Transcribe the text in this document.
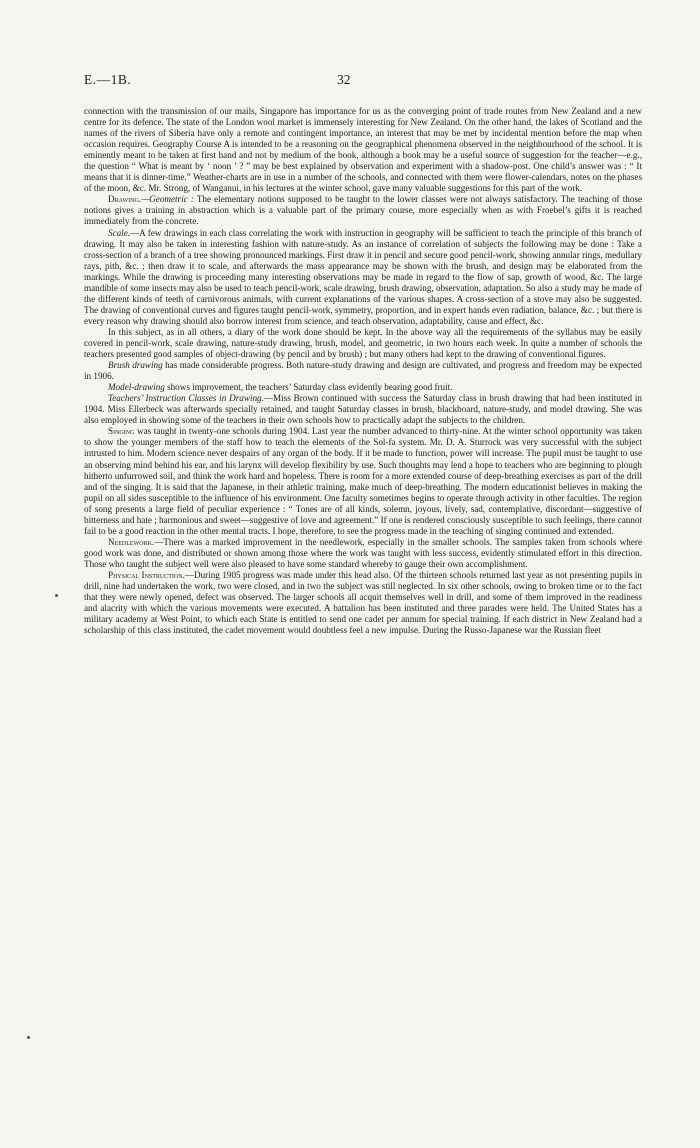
E.—1B.	32

connection with the transmission of our mails, Singapore has importance for us as the converging point of trade routes from New Zealand and a new centre for its defence. The state of the London wool market is immensely interesting for New Zealand. On the other hand, the lakes of Scotland and the names of the rivers of Siberia have only a remote and contingent importance, an interest that may be met by incidental mention before the map when occasion requires. Geography Course A is intended to be a reasoning on the geographical phenomena observed in the neighbourhood of the school. It is eminently meant to be taken at first hand and not by medium of the book, although a book may be a useful source of suggestion for the teacher—e.g., the question “ What is meant by ‘ noon ’ ? ” may be best explained by observation and experiment with a shadow-post. One child’s answer was : “ It means that it is dinner-time.” Weather-charts are in use in a number of the schools, and connected with them were flower-calendars, notes on the phases of the moon, &c. Mr. Strong, of Wanganui, in his lectures at the winter school, gave many valuable suggestions for this part of the work.

Drawing.—Geometric : The elementary notions supposed to be taught to the lower classes were not always satisfactory. The teaching of those notions gives a training in abstraction which is a valuable part of the primary course, more especially when as with Froebel’s gifts it is reached immediately from the concrete.

Scale.—A few drawings in each class correlating the work with instruction in geography will be sufficient to teach the principle of this branch of drawing. It may also be taken in interesting fashion with nature-study. As an instance of correlation of subjects the following may be done : Take a cross-section of a branch of a tree showing pronounced markings. First draw it in pencil and secure good pencil-work, showing annular rings, medullary rays, pith, &c. ; then draw it to scale, and afterwards the mass appearance may be shown with the brush, and design may be elaborated from the markings. While the drawing is proceeding many interesting observations may be made in regard to the flow of sap, growth of wood, &c. The large mandible of some insects may also be used to teach pencil-work, scale drawing, brush drawing, observation, adaptation. So also a study may be made of the different kinds of teeth of carnivorous animals, with current explanations of the various shapes. A cross-section of a stove may also be suggested. The drawing of conventional curves and figures taught pencil-work, symmetry, proportion, and in expert hands even radiation, balance, &c. ; but there is every reason why drawing should also borrow interest from science, and teach observation, adaptability, cause and effect, &c.

In this subject, as in all others, a diary of the work done should be kept. In the above way all the requirements of the syllabus may be easily covered in pencil-work, scale drawing, nature-study drawing, brush, model, and geometric, in two hours each week. In quite a number of schools the teachers presented good samples of object-drawing (by pencil and by brush) ; but many others had kept to the drawing of conventional figures.

Brush drawing has made considerable progress. Both nature-study drawing and design are cultivated, and progress and freedom may be expected in 1906.

Model-drawing shows improvement, the teachers’ Saturday class evidently bearing good fruit.

Teachers’ Instruction Classes in Drawing.—Miss Brown continued with success the Saturday class in brush drawing that had been instituted in 1904. Miss Ellerbeck was afterwards specially retained, and taught Saturday classes in brush, blackboard, nature-study, and model drawing. She was also employed in showing some of the teachers in their own schools how to practically adapt the subjects to the children.

Singing was taught in twenty-one schools during 1904. Last year the number advanced to thirty-nine. At the winter school opportunity was taken to show the younger members of the staff how to teach the elements of the Sol-fa system. Mr. D. A. Sturrock was very successful with the subject intrusted to him. Modern science never despairs of any organ of the body. If it be made to function, power will increase. The pupil must be taught to use an observing mind behind his ear, and his larynx will develop flexibility by use. Such thoughts may lend a hope to teachers who are beginning to plough hitherto unfurrowed soil, and think the work hard and hopeless. There is room for a more extended course of deep-breathing exercises as part of the drill and of the singing. It is said that the Japanese, in their athletic training, make much of deep-breathing. The modern educationist believes in making the pupil on all sides susceptible to the influence of his environment. One faculty sometimes begins to operate through activity in other faculties. The region of song presents a large field of peculiar experience : “ Tones are of all kinds, solemn, joyous, lively, sad, contemplative, discordant—suggestive of bitterness and hate ; harmonious and sweet—suggestive of love and agreement.” If one is rendered consciously susceptible to such feelings, there cannot fail to be a good reaction in the other mental tracts. I hope, therefore, to see the progress made in the teaching of singing continued and extended.

Needlework.—There was a marked improvement in the needlework, especially in the smaller schools. The samples taken from schools where good work was done, and distributed or shown among those where the work was taught with less success, evidently stimulated effort in this direction. Those who taught the subject well were also pleased to have some standard whereby to gauge their own accomplishment.

Physical Instruction.—During 1905 progress was made under this head also. Of the thirteen schools returned last year as not presenting pupils in drill, nine had undertaken the work, two were closed, and in two the subject was still neglected. In six other schools, owing to broken time or to the fact that they were newly opened, defect was observed. The larger schools all acquit themselves well in drill, and some of them improved in the readiness and alacrity with which the various movements were executed. A battalion has been instituted and three parades were held. The United States has a military academy at West Point, to which each State is entitled to send one cadet per annum for special training. If each district in New Zealand had a scholarship of this class instituted, the cadet movement would doubtless feel a new impulse. During the Russo-Japanese war the Russian fleet
